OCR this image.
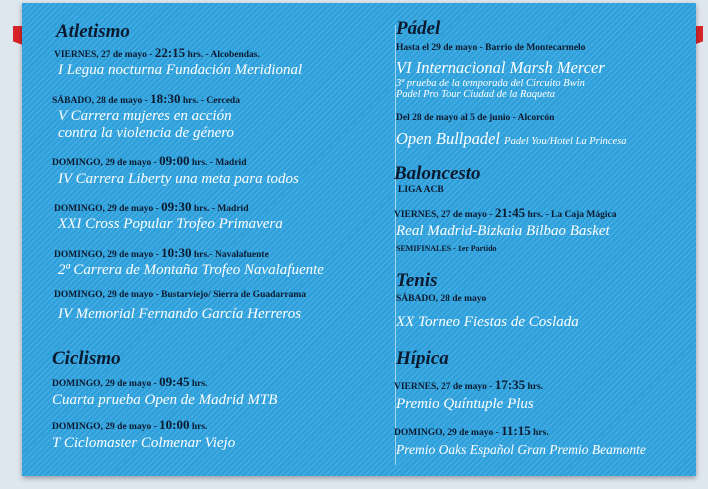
Atletismo
VIERNES, 27 de mayo - 22:15 hrs. - Alcobendas.
I Legua nocturna Fundación Meridional
SÁBADO, 28 de mayo - 18:30 hrs. - Cerceda
V Carrera mujeres en acción
contra la violencia de género
DOMINGO, 29 de mayo - 09:00 hrs. - Madrid
IV Carrera Liberty una meta para todos
DOMINGO, 29 de mayo - 09:30 hrs. - Madrid
XXI Cross Popular Trofeo Primavera
DOMINGO, 29 de mayo - 10:30 hrs.- Navalafuente
2ª Carrera de Montaña Trofeo Navalafuente
DOMINGO, 29 de mayo - Bustarviejo/ Sierra de Guadarrama
IV Memorial Fernando García Herreros
Ciclismo
DOMINGO, 29 de mayo - 09:45 hrs.
Cuarta prueba Open de Madrid MTB
DOMINGO, 29 de mayo - 10:00 hrs.
T Ciclomaster Colmenar Viejo
Pádel
Hasta el 29 de mayo - Barrio de Montecarmelo
VI Internacional Marsh Mercer
3ª prueba de la temporada del Circuito Bwin
Padel Pro Tour Ciudad de la Raqueta
Del 28 de mayo al 5 de junio - Alcorcón
Open Bullpadel Padel You/Hotel La Princesa
Baloncesto
LIGA ACB
VIERNES, 27 de mayo - 21:45 hrs. - La Caja Mágica
Real Madrid-Bizkaia Bilbao Basket
SEMIFINALES - 1er Partido
Tenis
SÁBADO, 28 de mayo
XX Torneo Fiestas de Coslada
Hípica
VIERNES, 27 de mayo - 17:35 hrs.
Premio Quíntuple Plus
DOMINGO, 29 de mayo - 11:15 hrs.
Premio Oaks Español Gran Premio Beamonte
